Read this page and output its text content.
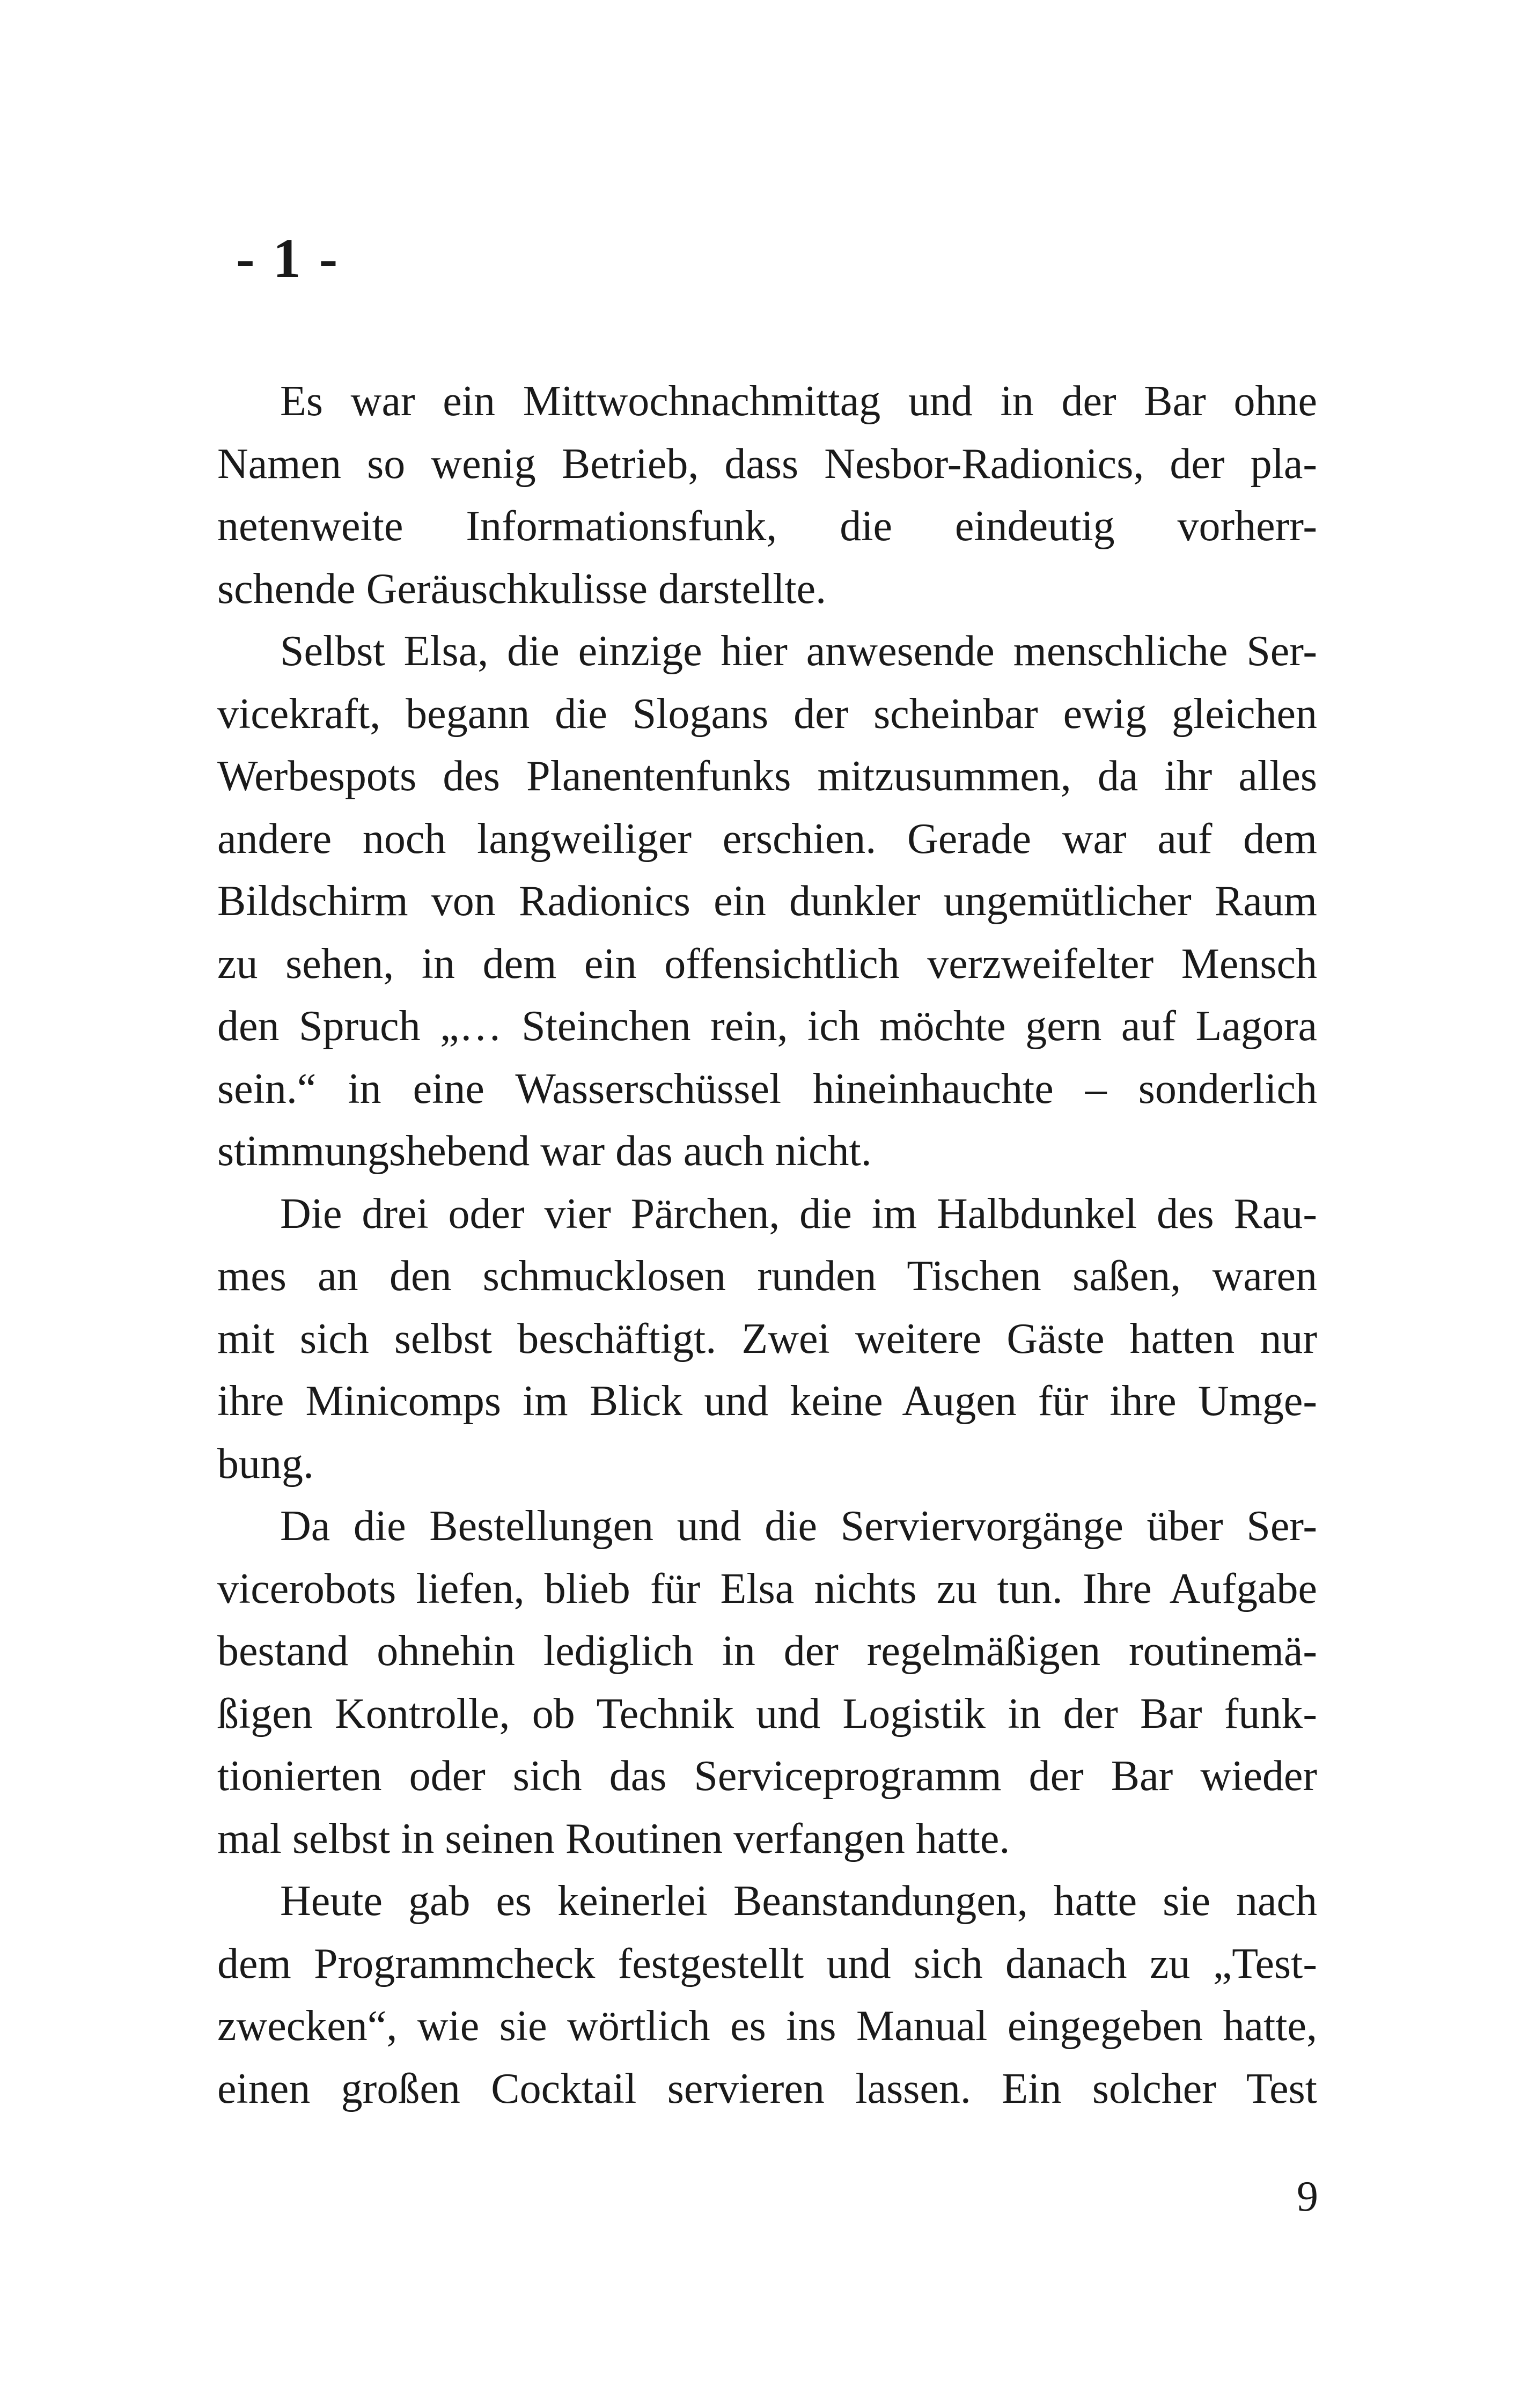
- 1 -
Es war ein Mittwochnachmittag und in der Bar ohne
Namen so wenig Betrieb, dass Nesbor-Radionics, der pla-
netenweite Informationsfunk, die eindeutig vorherr-
schende Geräuschkulisse darstellte.
Selbst Elsa, die einzige hier anwesende menschliche Ser-
vicekraft, begann die Slogans der scheinbar ewig gleichen
Werbespots des Planentenfunks mitzusummen, da ihr alles
andere noch langweiliger erschien. Gerade war auf dem
Bildschirm von Radionics ein dunkler ungemütlicher Raum
zu sehen, in dem ein offensichtlich verzweifelter Mensch
den Spruch „… Steinchen rein, ich möchte gern auf Lagora
sein.“ in eine Wasserschüssel hineinhauchte – sonderlich
stimmungshebend war das auch nicht.
Die drei oder vier Pärchen, die im Halbdunkel des Rau-
mes an den schmucklosen runden Tischen saßen, waren
mit sich selbst beschäftigt. Zwei weitere Gäste hatten nur
ihre Minicomps im Blick und keine Augen für ihre Umge-
bung.
Da die Bestellungen und die Serviervorgänge über Ser-
vicerobots liefen, blieb für Elsa nichts zu tun. Ihre Aufgabe
bestand ohnehin lediglich in der regelmäßigen routinemä-
ßigen Kontrolle, ob Technik und Logistik in der Bar funk-
tionierten oder sich das Serviceprogramm der Bar wieder
mal selbst in seinen Routinen verfangen hatte.
Heute gab es keinerlei Beanstandungen, hatte sie nach
dem Programmcheck festgestellt und sich danach zu „Test-
zwecken“, wie sie wörtlich es ins Manual eingegeben hatte,
einen großen Cocktail servieren lassen. Ein solcher Test
9
